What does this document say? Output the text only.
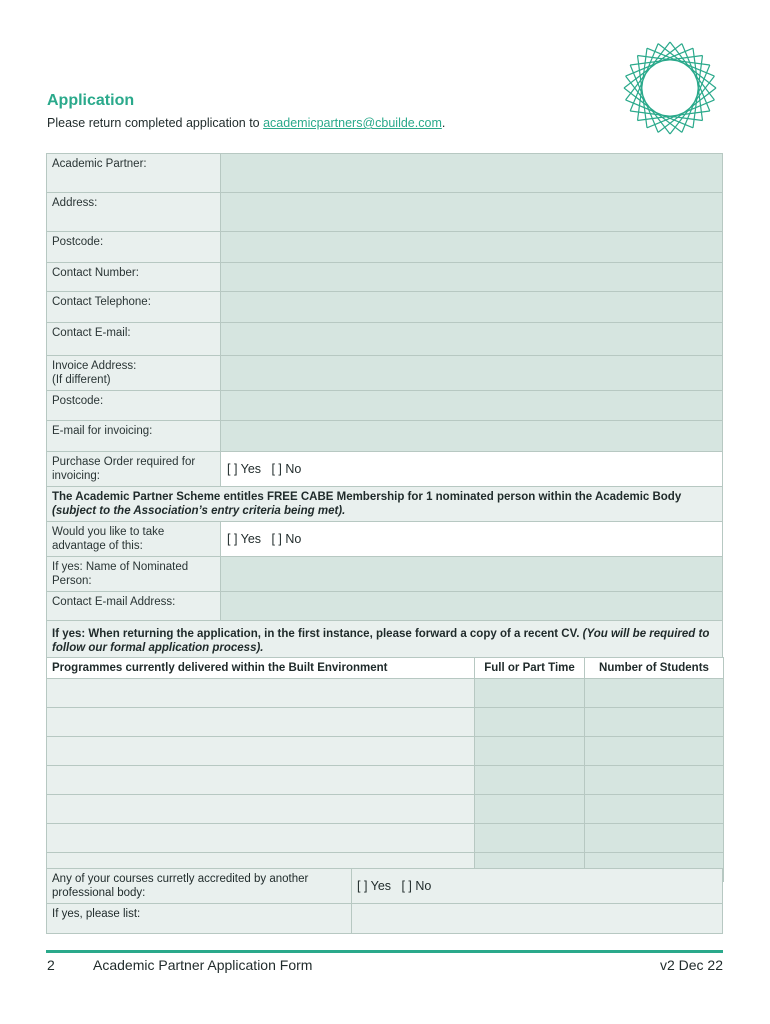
Application
Please return completed application to academicpartners@cbuilde.com.
Academic Partner:	
Address:	
Postcode:	
Contact Number:	
Contact Telephone:	
Contact E-mail:	

Invoice Address:
(If different)	

Postcode:	
E-mail for invoicing:	
Purchase Order required for invoicing:	[ ] Yes [ ] No
The Academic Partner Scheme entitles FREE CABE Membership for 1 nominated person within the Academic Body (subject to the Association’s entry criteria being met).	
Would you like to take advantage of this:	[ ] Yes [ ] No
If yes: Name of Nominated Person:	
Contact E-mail Address:	
If yes: When returning the application, in the first instance, please forward a copy of a recent CV. (You will be required to follow our formal application process).	
Programmes currently delivered within the Built Environment	Full or Part Time	Number of Students

Any of your courses curretly accredited by another professional body:	[ ] Yes [ ] No
If yes, please list:	
2	Academic Partner Application Form	v2 Dec 22
